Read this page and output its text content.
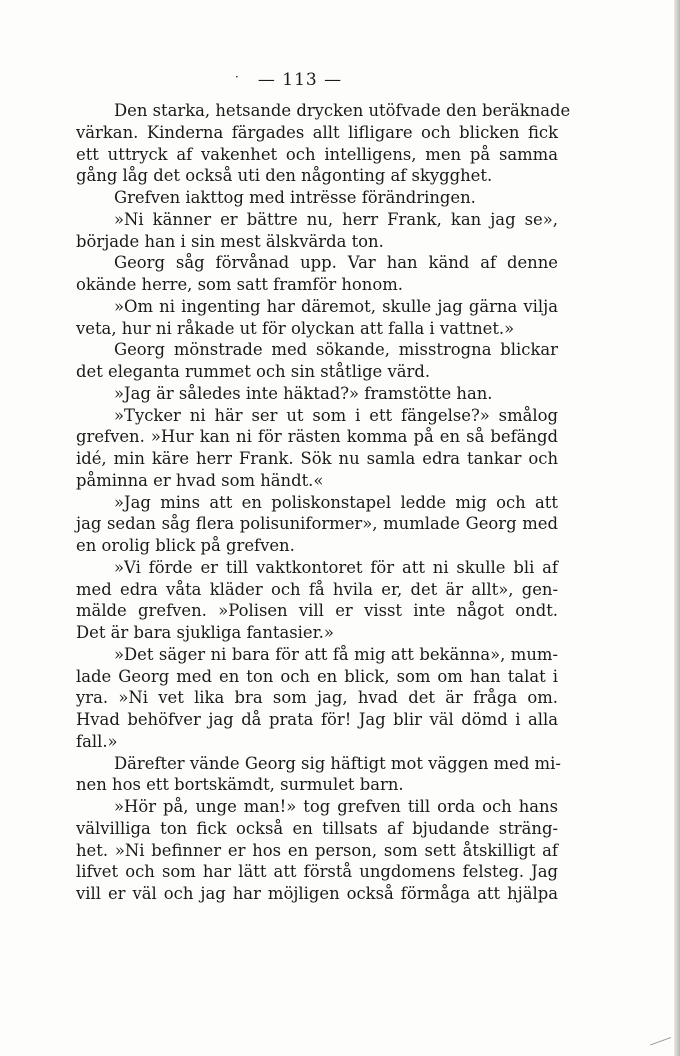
·	— 113 —
Den starka, hetsande drycken utöfvade den beräknade
värkan. Kinderna färgades allt lifligare och blicken fick
ett uttryck af vakenhet och intelligens, men på samma
gång låg det också uti den någonting af skygghet.
Grefven iakttog med intrësse förändringen.
»Ni känner er bättre nu, herr Frank, kan jag se»,
började han i sin mest älskvärda ton.
Georg såg förvånad upp. Var han känd af denne
okände herre, som satt framför honom.
»Om ni ingenting har däremot, skulle jag gärna vilja
veta, hur ni råkade ut för olyckan att falla i vattnet.»
Georg mönstrade med sökande, misstrogna blickar
det eleganta rummet och sin ståtlige värd.
»Jag är således inte häktad?» framstötte han.
»Tycker ni här ser ut som i ett fängelse?» smålog
grefven. »Hur kan ni för rästen komma på en så befängd
idé, min käre herr Frank. Sök nu samla edra tankar och
påminna er hvad som händt.«
»Jag mins att en poliskonstapel ledde mig och att
jag sedan såg flera polisuniformer», mumlade Georg med
en orolig blick på grefven.
»Vi förde er till vaktkontoret för att ni skulle bli af
med edra våta kläder och få hvila er, det är allt», gen-
mälde grefven. »Polisen vill er visst inte något ondt.
Det är bara sjukliga fantasier.»
»Det säger ni bara för att få mig att bekänna», mum-
lade Georg med en ton och en blick, som om han talat i
yra. »Ni vet lika bra som jag, hvad det är fråga om.
Hvad behöfver jag då prata för! Jag blir väl dömd i alla
fall.»
Därefter vände Georg sig häftigt mot väggen med mi-
nen hos ett bortskämdt, surmulet barn.
»Hör på, unge man!» tog grefven till orda och hans
välvilliga ton fick också en tillsats af bjudande sträng-
het. »Ni befinner er hos en person, som sett åtskilligt af
lifvet och som har lätt att förstå ungdomens felsteg. Jag
vill er väl och jag har möjligen också förmåga att hjälpa
